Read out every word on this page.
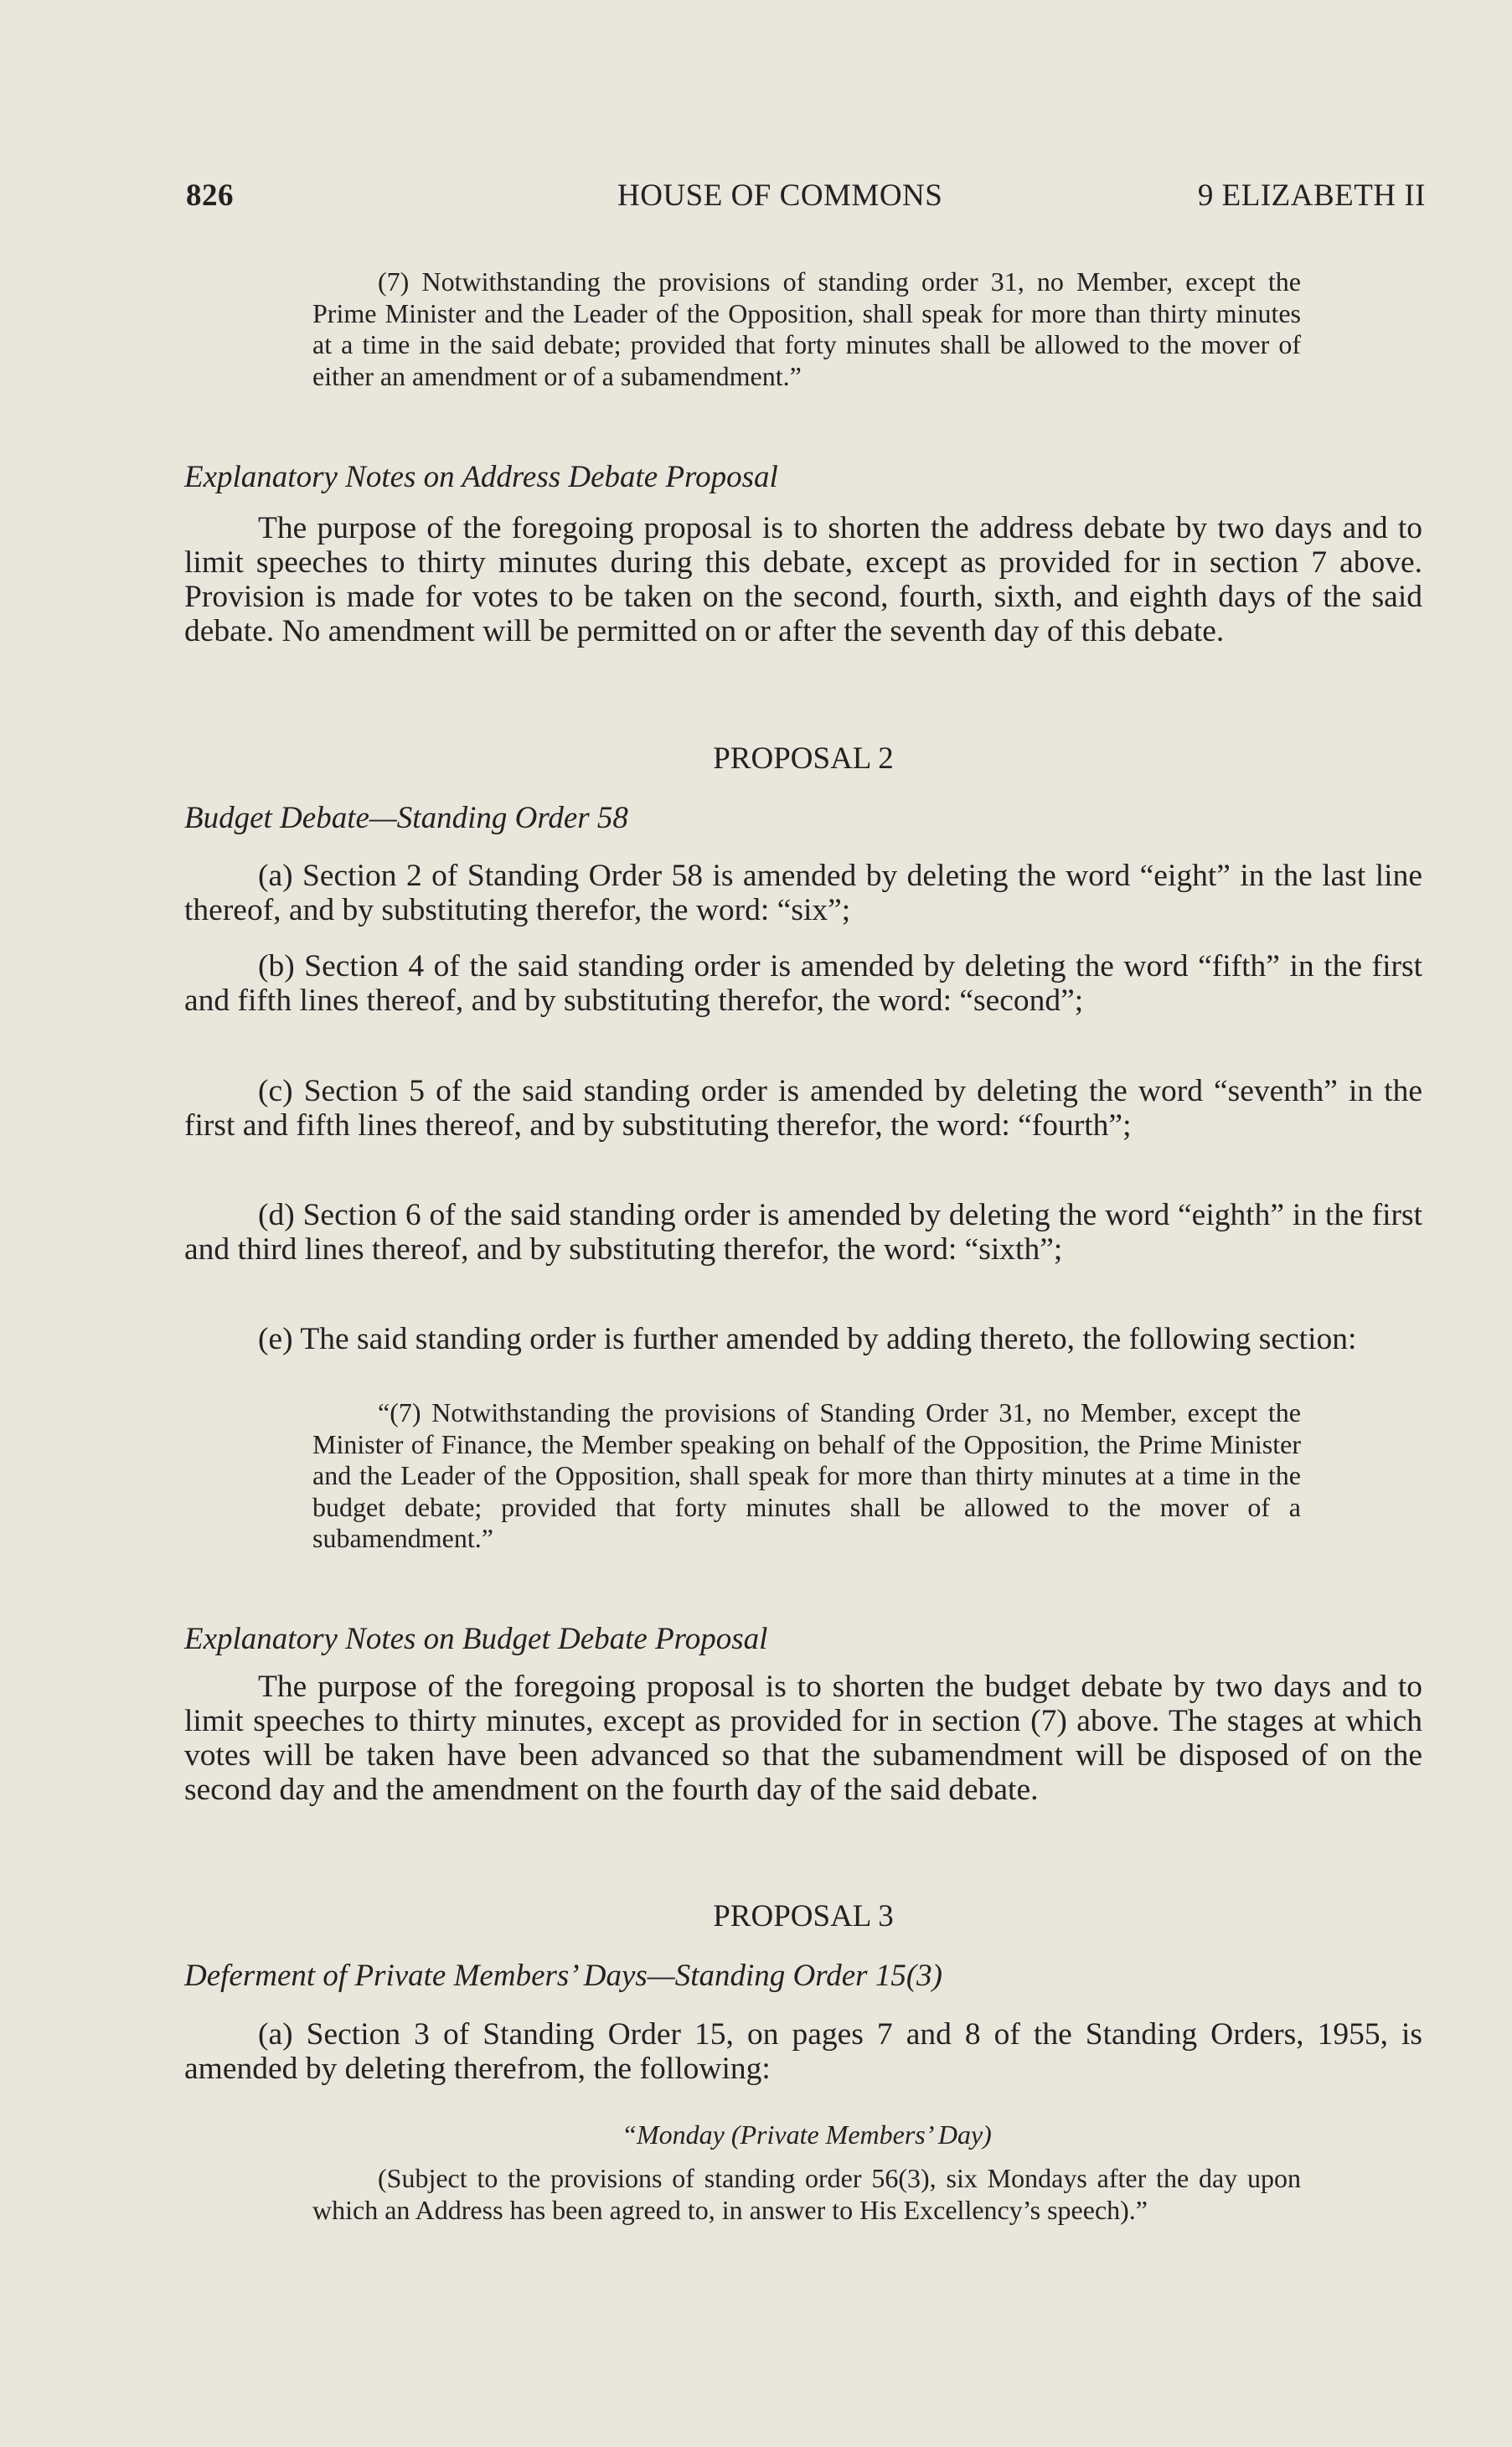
826	HOUSE OF COMMONS	9 ELIZABETH II

(7) Notwithstanding the provisions of standing order 31, no Member, except the Prime Minister and the Leader of the Opposition, shall speak for more than thirty minutes at a time in the said debate; provided that forty minutes shall be allowed to the mover of either an amendment or of a subamendment.”

Explanatory Notes on Address Debate Proposal

The purpose of the foregoing proposal is to shorten the address debate by two days and to limit speeches to thirty minutes during this debate, except as provided for in section 7 above. Provision is made for votes to be taken on the second, fourth, sixth, and eighth days of the said debate. No amendment will be permitted on or after the seventh day of this debate.

PROPOSAL 2
Budget Debate—Standing Order 58

(a) Section 2 of Standing Order 58 is amended by deleting the word “eight” in the last line thereof, and by substituting therefor, the word: “six”;

(b) Section 4 of the said standing order is amended by deleting the word “fifth” in the first and fifth lines thereof, and by substituting therefor, the word: “second”;

(c) Section 5 of the said standing order is amended by deleting the word “seventh” in the first and fifth lines thereof, and by substituting therefor, the word: “fourth”;

(d) Section 6 of the said standing order is amended by deleting the word “eighth” in the first and third lines thereof, and by substituting therefor, the word: “sixth”;

(e) The said standing order is further amended by adding thereto, the following section:

“(7) Notwithstanding the provisions of Standing Order 31, no Member, except the Minister of Finance, the Member speaking on behalf of the Opposition, the Prime Minister and the Leader of the Opposition, shall speak for more than thirty minutes at a time in the budget debate; provided that forty minutes shall be allowed to the mover of a subamendment.”

Explanatory Notes on Budget Debate Proposal

The purpose of the foregoing proposal is to shorten the budget debate by two days and to limit speeches to thirty minutes, except as provided for in section (7) above. The stages at which votes will be taken have been advanced so that the subamendment will be disposed of on the second day and the amendment on the fourth day of the said debate.

PROPOSAL 3
Deferment of Private Members’ Days—Standing Order 15(3)

(a) Section 3 of Standing Order 15, on pages 7 and 8 of the Standing Orders, 1955, is amended by deleting therefrom, the following:

“Monday (Private Members’ Day)

(Subject to the provisions of standing order 56(3), six Mondays after the day upon which an Address has been agreed to, in answer to His Excellency’s speech).”
